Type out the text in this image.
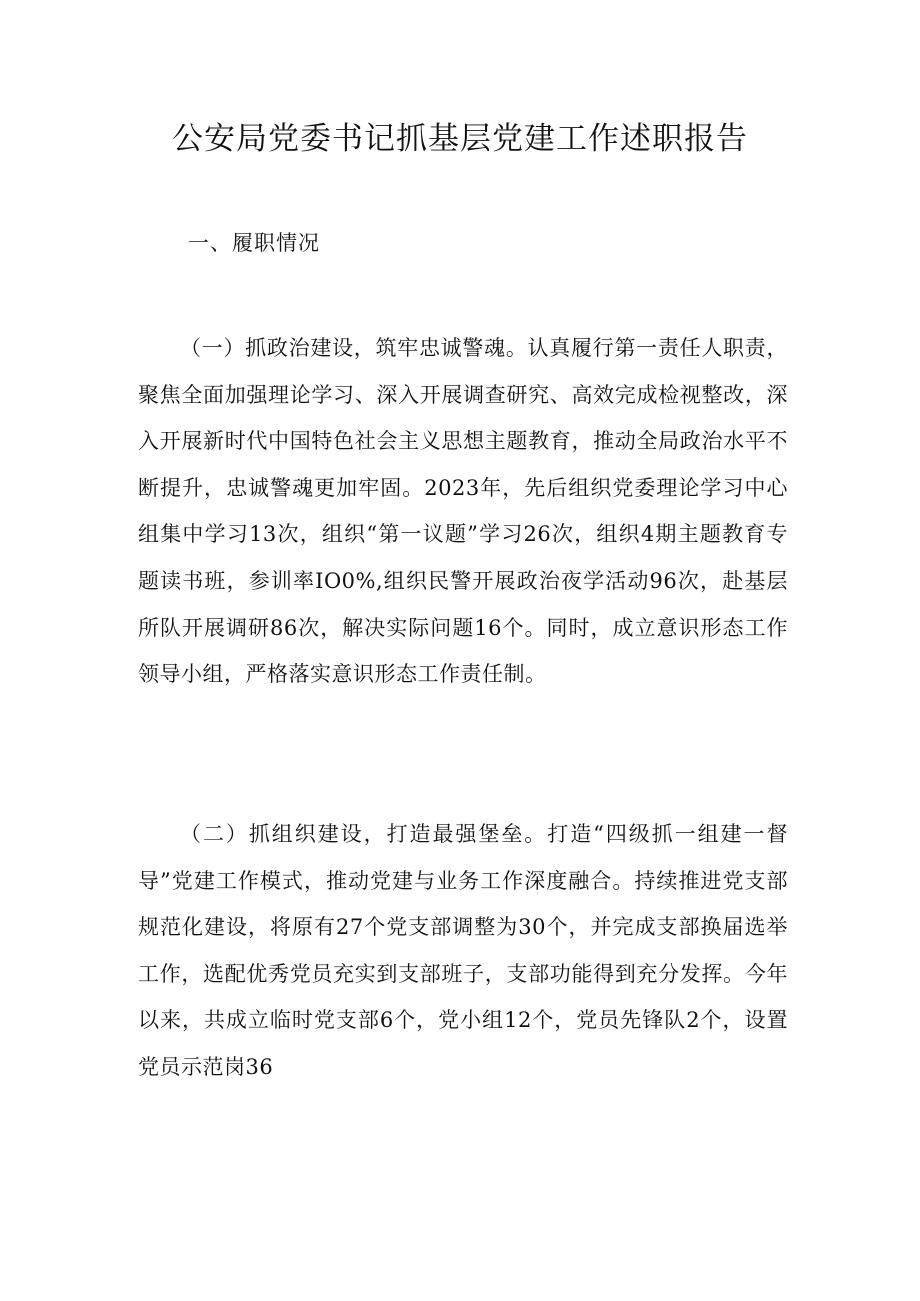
公安局党委书记抓基层党建工作述职报告

一、履职情况

（一）抓政治建设，筑牢忠诚警魂。认真履行第一责任人职责，聚焦全面加强理论学习、深入开展调查研究、高效完成检视整改，深入开展新时代中国特色社会主义思想主题教育，推动全局政治水平不断提升，忠诚警魂更加牢固。2023年，先后组织党委理论学习中心组集中学习13次，组织“第一议题”学习26次，组织4期主题教育专题读书班，参训率IO0%,组织民警开展政治夜学活动96次，赴基层所队开展调研86次，解决实际问题16个。同时，成立意识形态工作领导小组，严格落实意识形态工作责任制。

（二）抓组织建设，打造最强堡垒。打造“四级抓一组建一督导”党建工作模式，推动党建与业务工作深度融合。持续推进党支部规范化建设，将原有27个党支部调整为30个，并完成支部换届选举工作，选配优秀党员充实到支部班子，支部功能得到充分发挥。今年以来，共成立临时党支部6个，党小组12个，党员先锋队2个，设置党员示范岗36
